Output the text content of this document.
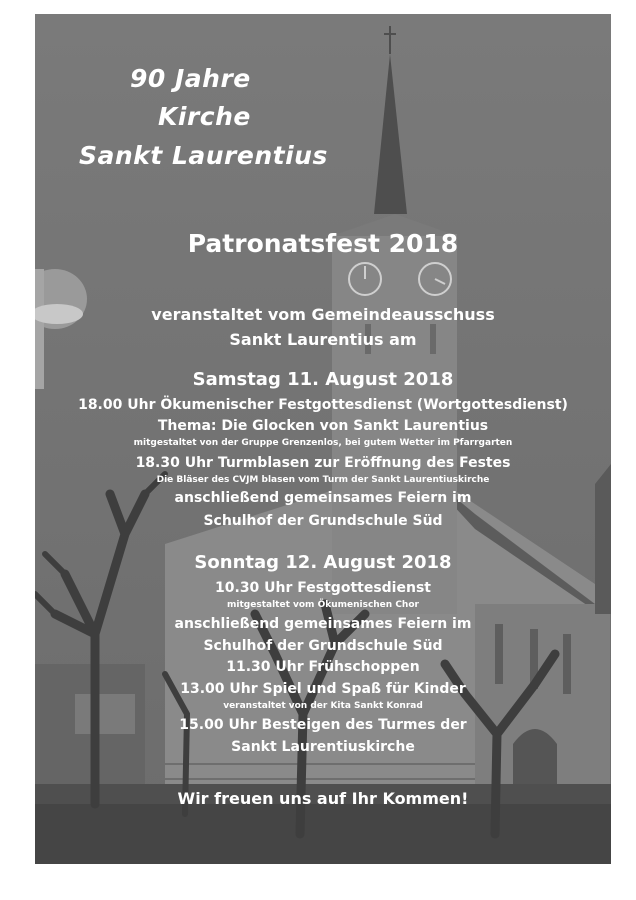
90 Jahre
Kirche
Sankt Laurentius
Patronatsfest 2018
veranstaltet vom Gemeindeausschuss
Sankt Laurentius am
Samstag 11. August 2018
18.00 Uhr Ökumenischer Festgottesdienst (Wortgottesdienst)
Thema: Die Glocken von Sankt Laurentius
mitgestaltet von der Gruppe Grenzenlos, bei gutem Wetter im Pfarrgarten
18.30 Uhr Turmblasen zur Eröffnung des Festes
Die Bläser des CVJM blasen vom Turm der Sankt Laurentiuskirche
anschließend gemeinsames Feiern im
Schulhof der Grundschule Süd
Sonntag 12. August 2018
10.30 Uhr Festgottesdienst
mitgestaltet vom Ökumenischen Chor
anschließend gemeinsames Feiern im
Schulhof der Grundschule Süd
11.30 Uhr Frühschoppen
13.00 Uhr Spiel und Spaß für Kinder
veranstaltet von der Kita Sankt Konrad
15.00 Uhr Besteigen des Turmes der
Sankt Laurentiuskirche
Wir freuen uns auf Ihr Kommen!
